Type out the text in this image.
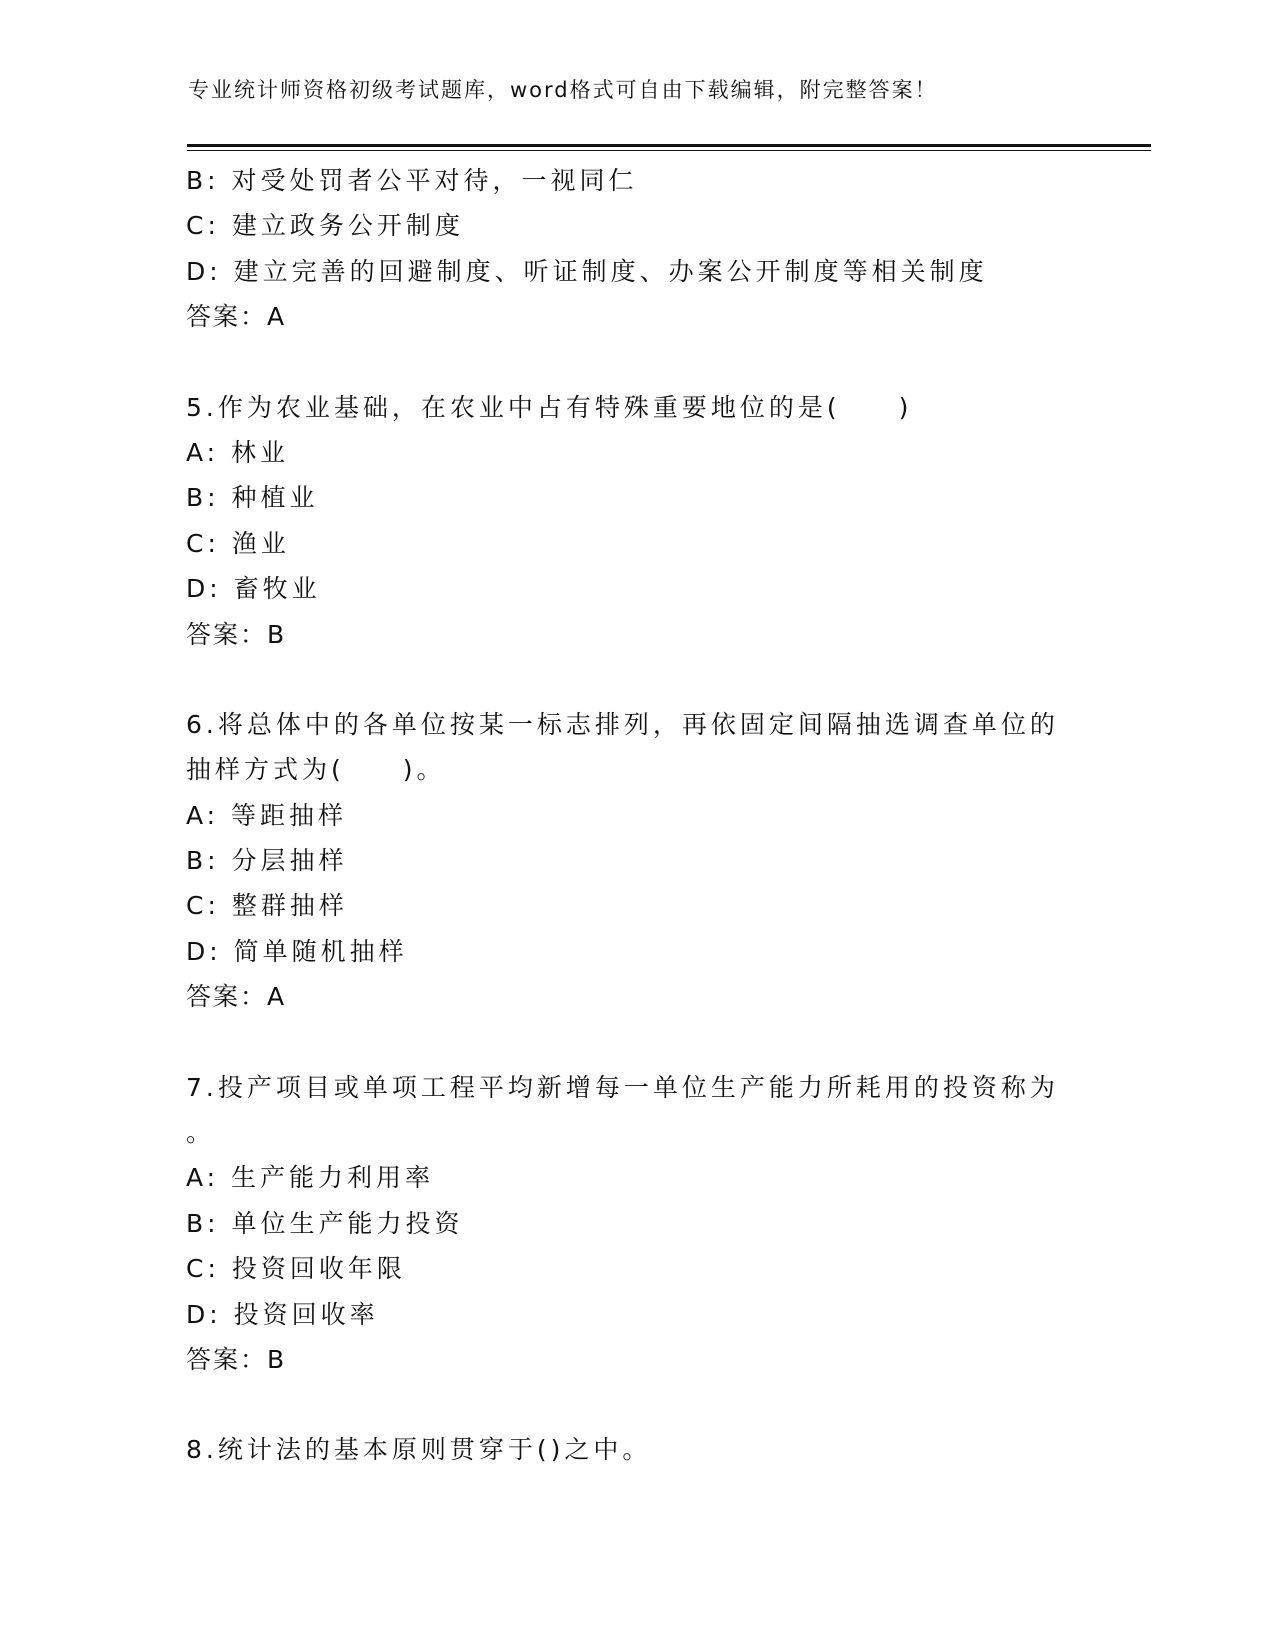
专业统计师资格初级考试题库，word格式可自由下载编辑，附完整答案！
B: 对受处罚者公平对待，一视同仁
C: 建立政务公开制度
D: 建立完善的回避制度、听证制度、办案公开制度等相关制度
答案：A
5.作为农业基础，在农业中占有特殊重要地位的是(　　)
A: 林业
B: 种植业
C: 渔业
D: 畜牧业
答案：B
6.将总体中的各单位按某一标志排列，再依固定间隔抽选调查单位的
抽样方式为(　　)。
A: 等距抽样
B: 分层抽样
C: 整群抽样
D: 简单随机抽样
答案：A
7.投产项目或单项工程平均新增每一单位生产能力所耗用的投资称为
。
A: 生产能力利用率
B: 单位生产能力投资
C: 投资回收年限
D: 投资回收率
答案：B
8.统计法的基本原则贯穿于()之中。
